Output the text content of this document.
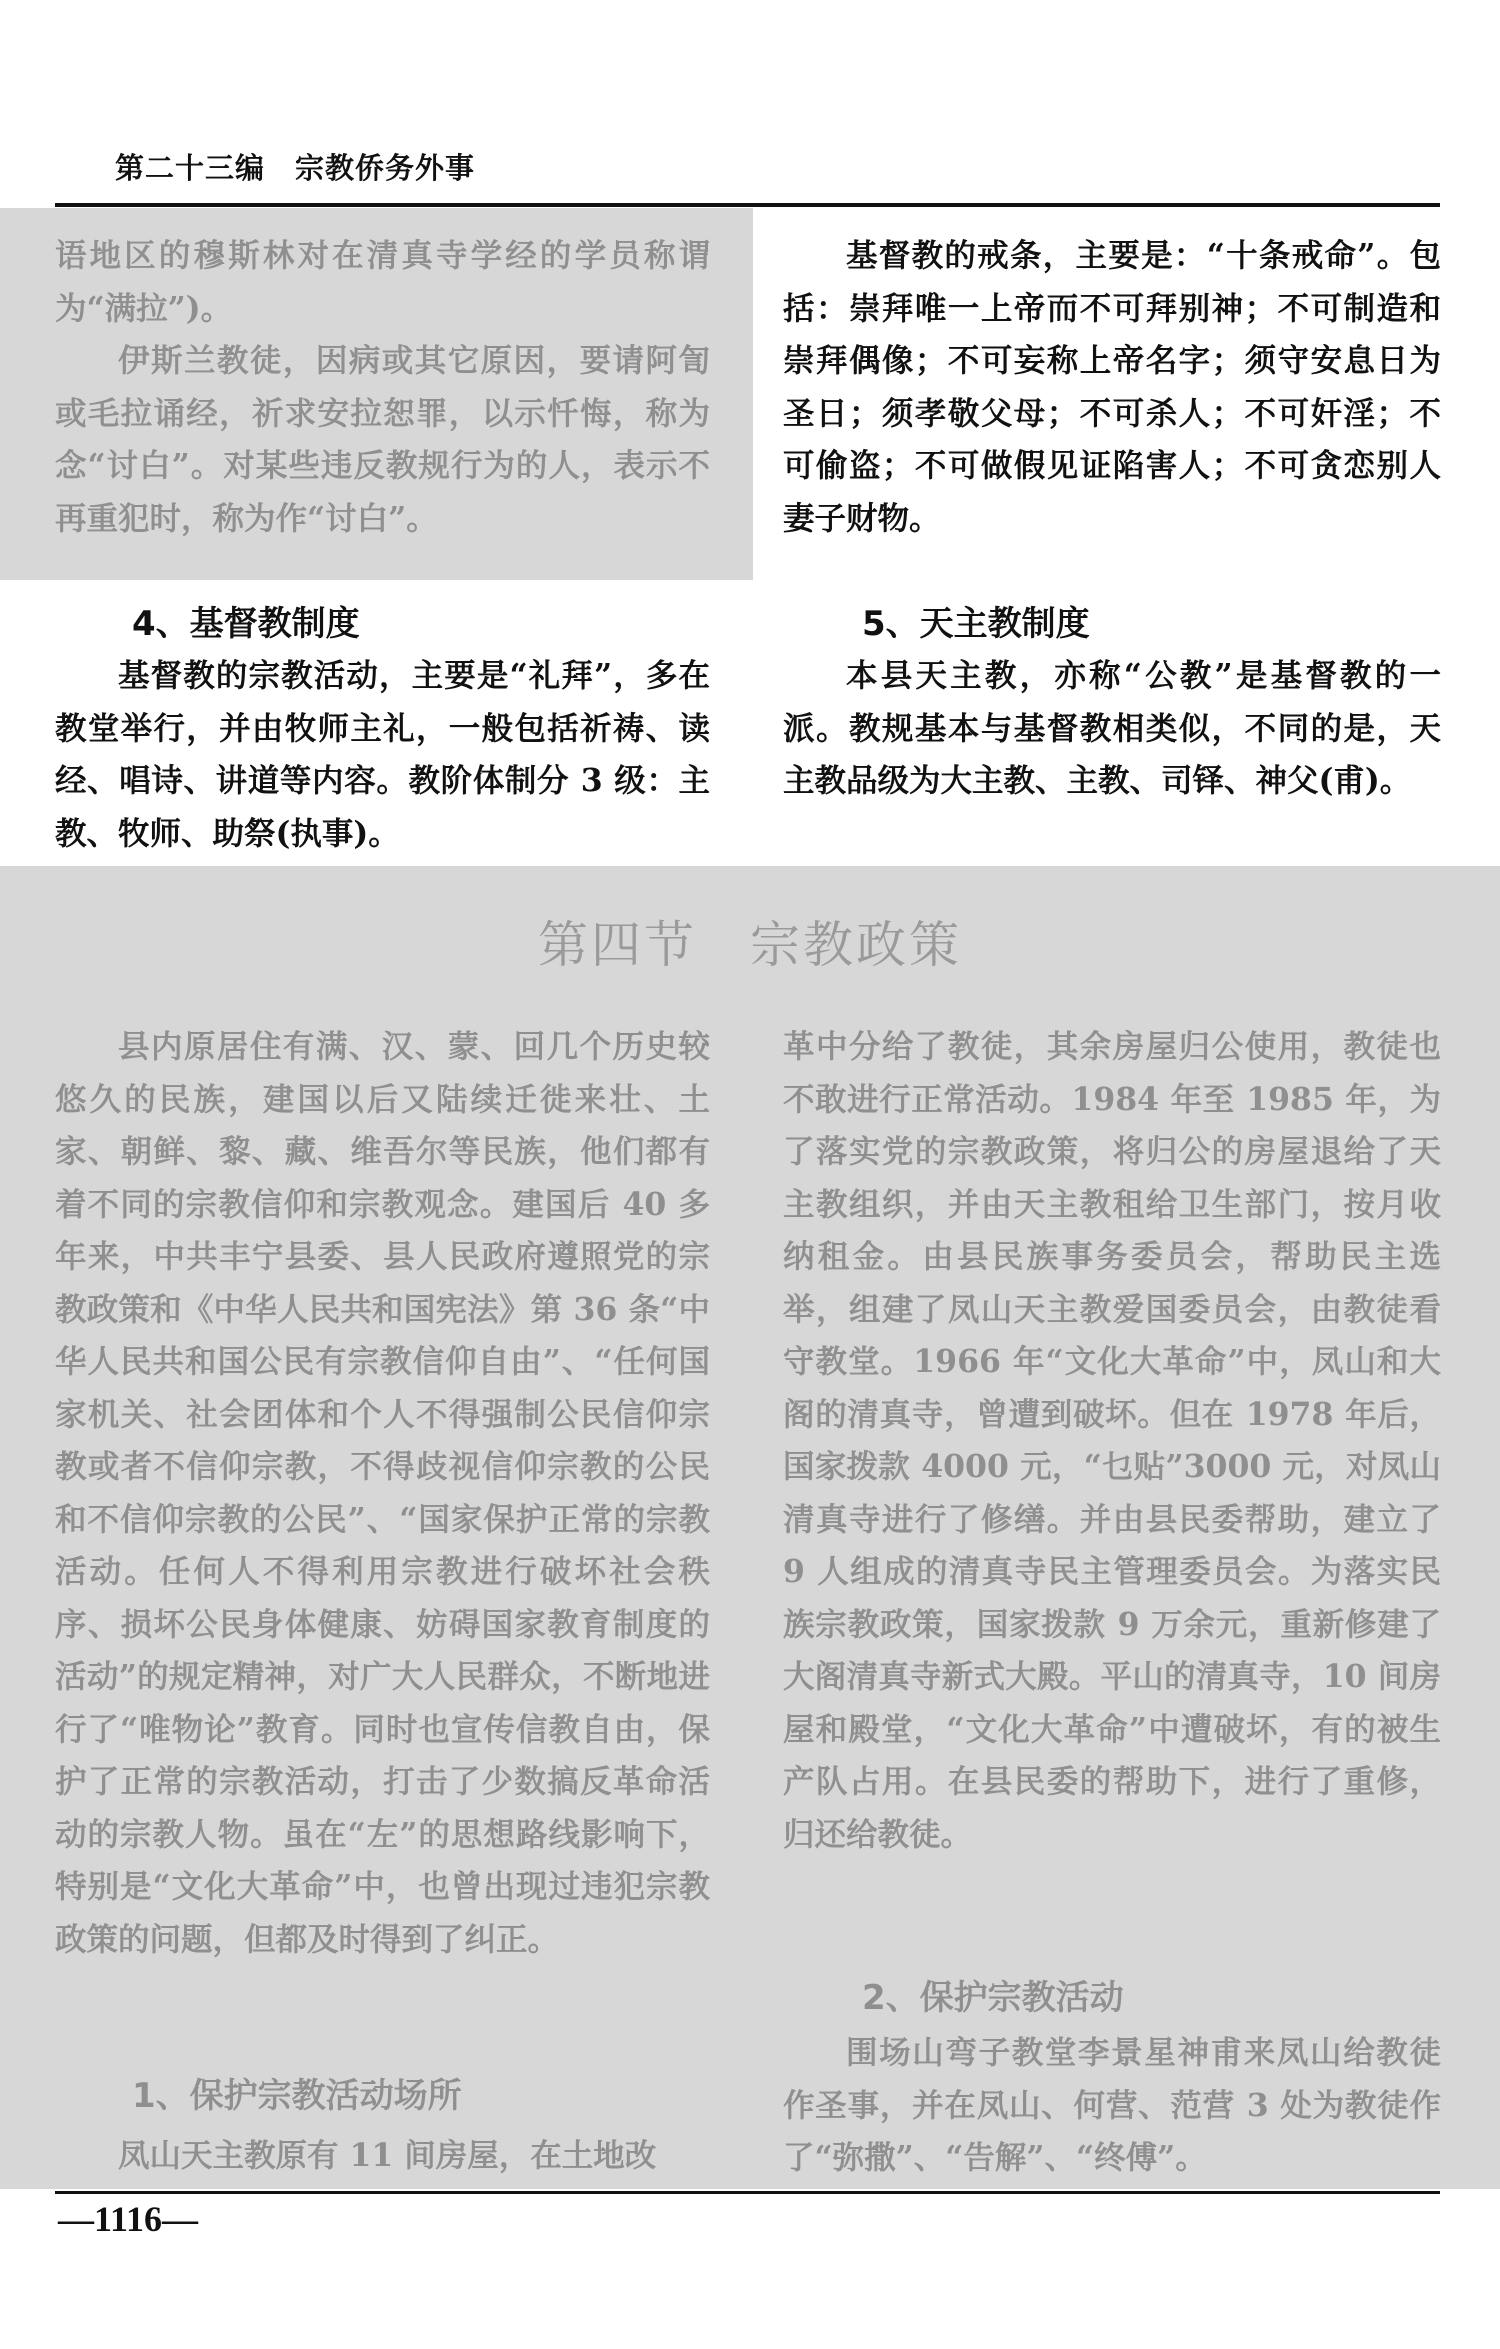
第二十三编　宗教侨务外事

语地区的穆斯林对在清真寺学经的学员称谓为“满拉”)。

伊斯兰教徒，因病或其它原因，要请阿訇或毛拉诵经，祈求安拉恕罪，以示忏悔，称为念“讨白”。对某些违反教规行为的人，表示不再重犯时，称为作“讨白”。

基督教的戒条，主要是：“十条戒命”。包括：崇拜唯一上帝而不可拜别神；不可制造和崇拜偶像；不可妄称上帝名字；须守安息日为圣日；须孝敬父母；不可杀人；不可奸淫；不可偷盗；不可做假见证陷害人；不可贪恋别人妻子财物。

4、基督教制度

基督教的宗教活动，主要是“礼拜”，多在教堂举行，并由牧师主礼，一般包括祈祷、读经、唱诗、讲道等内容。教阶体制分 3 级：主教、牧师、助祭(执事)。

5、天主教制度

本县天主教，亦称“公教”是基督教的一派。教规基本与基督教相类似，不同的是，天主教品级为大主教、主教、司铎、神父(甫)。

第四节　宗教政策

县内原居住有满、汉、蒙、回几个历史较悠久的民族，建国以后又陆续迁徙来壮、土家、朝鲜、黎、藏、维吾尔等民族，他们都有着不同的宗教信仰和宗教观念。建国后 40 多年来，中共丰宁县委、县人民政府遵照党的宗教政策和《中华人民共和国宪法》第 36 条“中华人民共和国公民有宗教信仰自由”、“任何国家机关、社会团体和个人不得强制公民信仰宗教或者不信仰宗教，不得歧视信仰宗教的公民和不信仰宗教的公民”、“国家保护正常的宗教活动。任何人不得利用宗教进行破坏社会秩序、损坏公民身体健康、妨碍国家教育制度的活动”的规定精神，对广大人民群众，不断地进行了“唯物论”教育。同时也宣传信教自由，保护了正常的宗教活动，打击了少数搞反革命活动的宗教人物。虽在“左”的思想路线影响下，特别是“文化大革命”中，也曾出现过违犯宗教政策的问题，但都及时得到了纠正。

1、保护宗教活动场所

凤山天主教原有 11 间房屋，在土地改

革中分给了教徒，其余房屋归公使用，教徒也不敢进行正常活动。1984 年至 1985 年，为了落实党的宗教政策，将归公的房屋退给了天主教组织，并由天主教租给卫生部门，按月收纳租金。由县民族事务委员会，帮助民主选举，组建了凤山天主教爱国委员会，由教徒看守教堂。1966 年“文化大革命”中，凤山和大阁的清真寺，曾遭到破坏。但在 1978 年后，国家拨款 4000 元，“乜贴”3000 元，对凤山清真寺进行了修缮。并由县民委帮助，建立了 9 人组成的清真寺民主管理委员会。为落实民族宗教政策，国家拨款 9 万余元，重新修建了大阁清真寺新式大殿。平山的清真寺，10 间房屋和殿堂，“文化大革命”中遭破坏，有的被生产队占用。在县民委的帮助下，进行了重修，归还给教徒。

2、保护宗教活动

围场山弯子教堂李景星神甫来凤山给教徒作圣事，并在凤山、何营、范营 3 处为教徒作了“弥撒”、“告解”、“终傅”。

—1116—
